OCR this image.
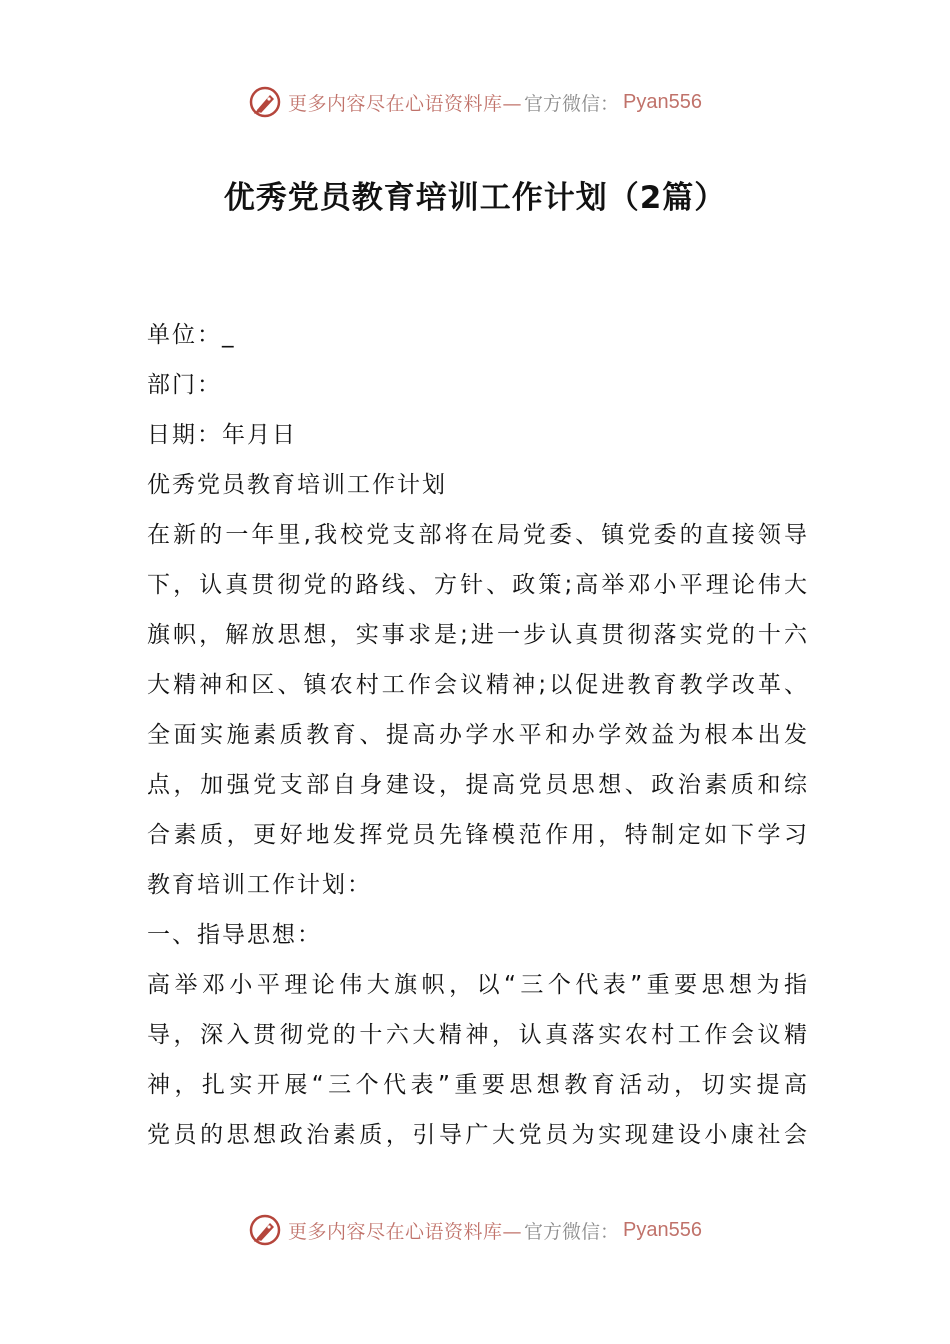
更多内容尽在心语资料库— 官方微信： Pyan556
优秀党员教育培训工作计划（2篇）
单位：_
部门：
日期：年月日
优秀党员教育培训工作计划
在新的一年里,我校党支部将在局党委、镇党委的直接领导
下，认真贯彻党的路线、方针、政策;高举邓小平理论伟大
旗帜，解放思想，实事求是;进一步认真贯彻落实党的十六
大精神和区、镇农村工作会议精神;以促进教育教学改革、
全面实施素质教育、提高办学水平和办学效益为根本出发
点，加强党支部自身建设，提高党员思想、政治素质和综
合素质，更好地发挥党员先锋模范作用，特制定如下学习
教育培训工作计划：
一、指导思想：
高举邓小平理论伟大旗帜，以“三个代表”重要思想为指
导，深入贯彻党的十六大精神，认真落实农村工作会议精
神，扎实开展“三个代表”重要思想教育活动，切实提高
党员的思想政治素质，引导广大党员为实现建设小康社会
更多内容尽在心语资料库— 官方微信： Pyan556
